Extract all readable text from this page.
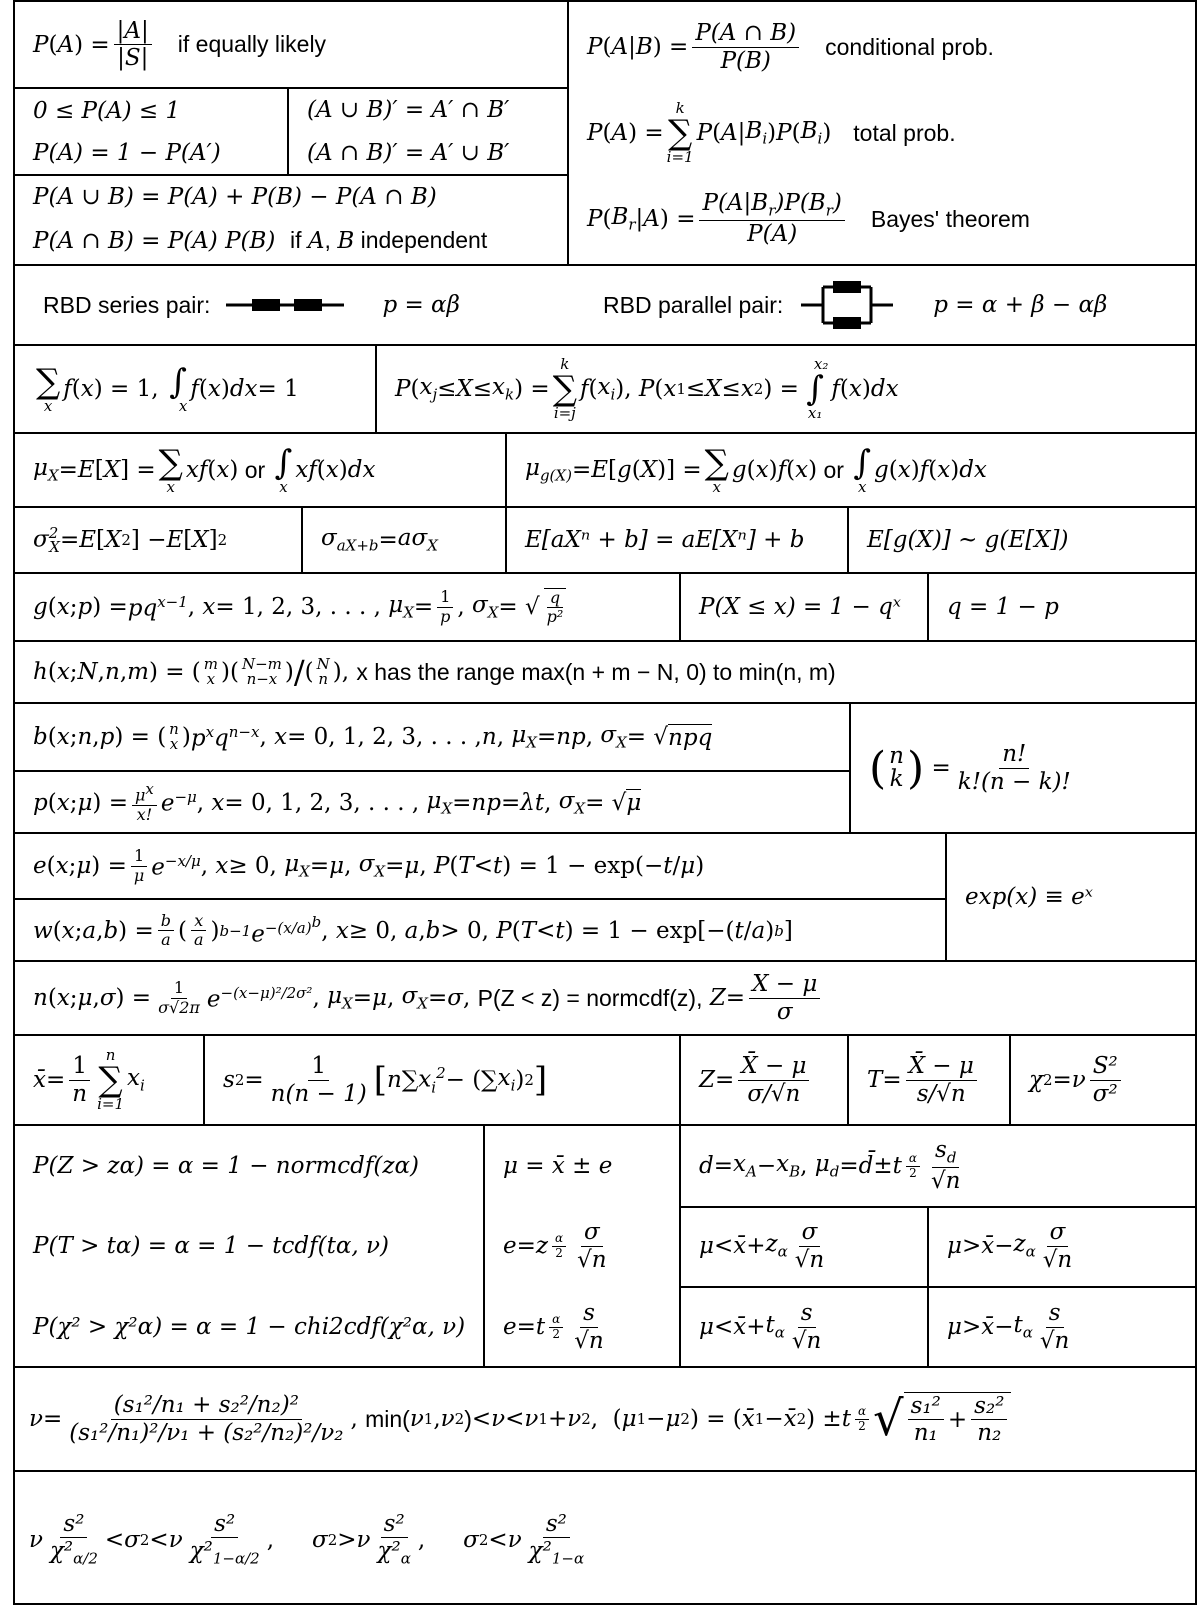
P ( A ) =
|A|
|S|
if equally likely
0 ≤ P(A) ≤ 1
P(A) = 1 − P(A′)
(A ∪ B)′ = A′ ∩ B′
(A ∩ B)′ = A′ ∪ B′
P(A ∪ B) = P(A) + P(B) − P(A ∩ B)
P(A ∩ B) = P(A) P(B) if A, B independent
P ( A | B ) =
P(A ∩ B)
P(B)
conditional prob.
P ( A ) =
k
∑
i=1
P ( A | $B_i$ ) P ( $B_i$ ) total prob.
P ( $B_r$ | A ) =
$P(A|B_r)P(B_r)$
P(A)
Bayes' theorem
RBD series pair:	p = αβ	RBD parallel pair:	p = α + β − αβ
∑
x
f ( x ) = 1, ∫
x
f ( x ) dx = 1	P ( $x_j \le X \le x_k$ ) =
k
∑
i=j
f ( $x_i$ ), P ( x 1 ≤ X ≤ x 2 ) =
x₂
∫
x₁
f ( x ) dx
$\mu_X = E$ [ X ] = ∑
x
xf ( x ) or ∫
x
xf ( x ) dx	$\mu_{g(X)} = E$ [ g ( X )] = ∑
x
g ( x ) f ( x ) or ∫
x
g ( x ) f ( x ) dx
$\sigma^2_X = E$ [ X 2 ] − E [ X ] 2	$\sigma_{aX+b} = a\sigma_X$	E[aXⁿ + b] = aE[Xⁿ] + b	E[g(X)] ~ g(E[X])
g ( x ; p ) = $pq^{x-1}$ , x = 1, 2, 3, . . . , $\mu_X = 1$
p , $\sigma_X$ = √ q
p²	P(X ≤ x) = 1 − qˣ q = 1 − p
h ( x ; N , n , m ) = ( m
x )( N−m
n−x ) / ( N
n ), x has the range max(n + m − N, 0) to min(n, m)
b ( x ; n , p ) = ( n
x ) $p^xq^{n-x}$ , x = 0, 1, 2, 3, . . . , n , $\mu_X$ = np , $\sigma_X$ = √ npq
p ( x ; μ ) = $\mu^x$
x! $e^{-\mu}$ , x = 0, 1, 2, 3, . . . , $\mu_X$ = np = λt , $\sigma_X$ = √ μ
( n
k ) =
n!
k!(n − k)!
e ( x ; μ ) = 1
μ $e^{-x/\mu}$ , x ≥ 0, $\mu_X = \mu$ , $\sigma_X = \mu$ , P ( T < t ) = 1 − exp(− t / μ )
w ( x ; a , b ) = b
a ( x
a ) b−1 $e^{-(x/a)^b}$ , x ≥ 0, a , b > 0, P ( T < t ) = 1 − exp[−( t / a ) b ]
exp(x) ≡ eˣ
n ( x ; μ , σ ) = 1
σ√2π $e^{-(x-\mu)^2/2\sigma^2}$ , $\mu_X = \mu$ , $\sigma_X = \sigma$ , P(Z < z) = normcdf(z),
Z =
X − μ
σ
x̄ =
1
n
n
∑
i=1
$x_i$	s 2 =
1
n(n − 1) [ n ∑ $x_i^2$ − (∑ $x_i$ ) 2 ]	Z =
X̄ − μ
σ/√n
T =
X̄ − μ
s/√n
χ 2 = ν
S²
σ²
P(Z > zα) = α = 1 − normcdf(zα)
P(T > tα) = α = 1 − tcdf(tα, ν)
P(χ² > χ²α) = α = 1 − chi2cdf(χ²α, ν)
μ = x̄ ± e
e = z α
2
σ
√n
e = t α
2
s
√n
$d = x_A - x_B$ , $\mu_d$ = d̄ ± t α
2
$s_d$
√n
μ < x̄ + $z_\alpha$
σ
√n
μ > x̄ − $z_\alpha$
σ
√n
μ < x̄ + $t_\alpha$
s
√n
μ > x̄ − $t_\alpha$
s
√n
ν =
(s₁²/n₁ + s₂²/n₂)²
(s₁²/n₁)²/ν₁ + (s₂²/n₂)²/ν₂
, min( ν 1 , ν 2 ) < ν < ν 1 + ν 2 ,  ( μ 1 − μ 2 ) = ( x̄ 1 − x̄ 2 ) ± t α
2 √ s₁²
n₁
+
s₂²
n₂
ν
s²
$\chi^2_{\alpha/2}$
< σ 2 < ν
s²
$\chi^2_{1-\alpha/2}$
, σ 2 > ν
s²
$\chi^2_\alpha$
, σ 2 < ν
s²
$\chi^2_{1-\alpha}$
